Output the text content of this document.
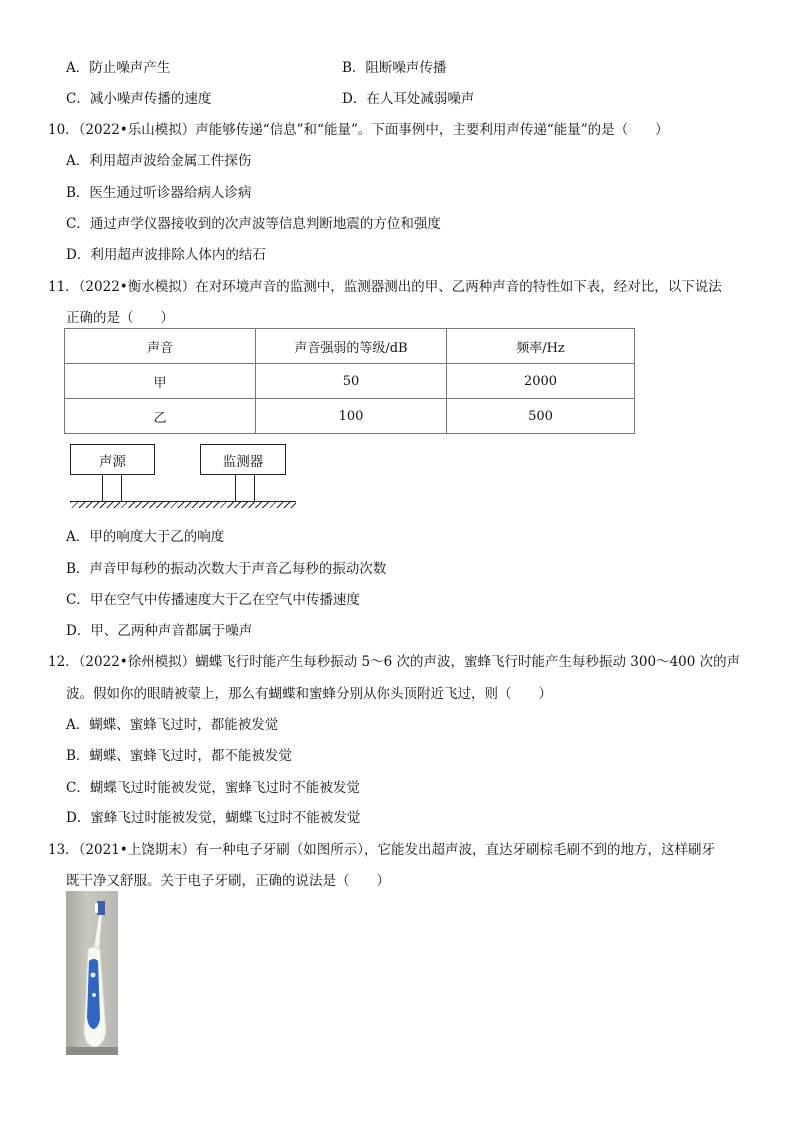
A．防止噪声产生	B．阻断噪声传播
C．减小噪声传播的速度	D．在人耳处减弱噪声
10．（2022•乐山模拟）声能够传递“信息”和“能量”。下面事例中，主要利用声传递“能量”的是（　　）
A．利用超声波给金属工件探伤
B．医生通过听诊器给病人诊病
C．通过声学仪器接收到的次声波等信息判断地震的方位和强度
D．利用超声波排除人体内的结石
11．（2022•衡水模拟）在对环境声音的监测中，监测器测出的甲、乙两种声音的特性如下表，经对比，以下说法
正确的是（　　）
声音	声音强弱的等级/dB	频率/Hz
甲	50	2000
乙	100	500
声源	监测器
A．甲的响度大于乙的响度
B．声音甲每秒的振动次数大于声音乙每秒的振动次数
C．甲在空气中传播速度大于乙在空气中传播速度
D．甲、乙两种声音都属于噪声
12．（2022•徐州模拟）蝴蝶飞行时能产生每秒振动 5～6 次的声波，蜜蜂飞行时能产生每秒振动 300～400 次的声
波。假如你的眼睛被蒙上，那么有蝴蝶和蜜蜂分别从你头顶附近飞过，则（　　）
A．蝴蝶、蜜蜂飞过时，都能被发觉
B．蝴蝶、蜜蜂飞过时，都不能被发觉
C．蝴蝶飞过时能被发觉，蜜蜂飞过时不能被发觉
D．蜜蜂飞过时能被发觉，蝴蝶飞过时不能被发觉
13．（2021•上饶期末）有一种电子牙刷（如图所示），它能发出超声波，直达牙刷棕毛刷不到的地方，这样刷牙
既干净又舒服。关于电子牙刷，正确的说法是（　　）
